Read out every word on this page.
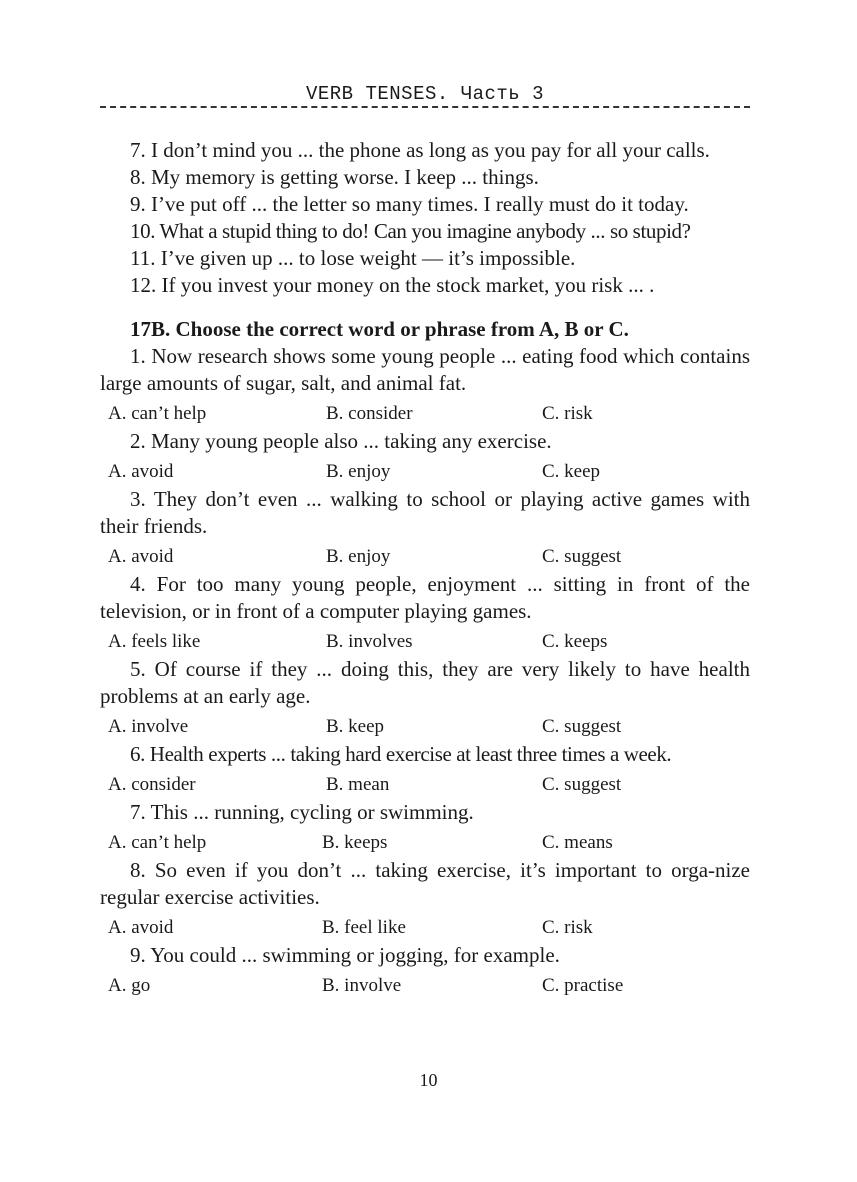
VERB TENSES. Часть 3

7. I don’t mind you ... the phone as long as you pay for all your calls.

8. My memory is getting worse. I keep ... things.

9. I’ve put off ... the letter so many times. I really must do it today.

10. What a stupid thing to do! Can you imagine anybody ... so stupid?

11. I’ve given up ... to lose weight — it’s impossible.

12. If you invest your money on the stock market, you risk ... .

17B. Choose the correct word or phrase from A, B or C.

1. Now research shows some young people ... eating food which contains large amounts of sugar, salt, and animal fat.

A. can’t help	B. consider	C. risk

2. Many young people also ... taking any exercise.

A. avoid	B. enjoy	C. keep

3. They don’t even ... walking to school or playing active games with their friends.

A. avoid	B. enjoy	C. suggest

4. For too many young people, enjoyment ... sitting in front of the television, or in front of a computer playing games.

A. feels like	B. involves	C. keeps

5. Of course if they ... doing this, they are very likely to have health problems at an early age.

A. involve	B. keep	C. suggest

6. Health experts ... taking hard exercise at least three times a week.

A. consider	B. mean	C. suggest

7. This ... running, cycling or swimming.

A. can’t help	B. keeps	C. means

8. So even if you don’t ... taking exercise, it’s important to orga-nize regular exercise activities.

A. avoid	B. feel like	C. risk

9. You could ... swimming or jogging, for example.

A. go	B. involve	C. practise
10
